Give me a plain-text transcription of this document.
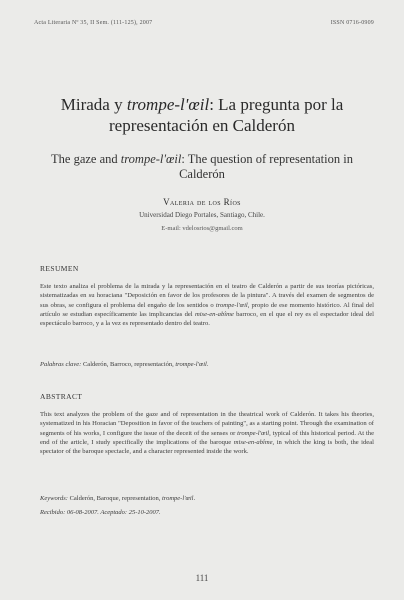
Acta Literaria Nº 35, II Sem. (111-125), 2007	ISSN 0716-0909
Mirada y trompe-l'œil: La pregunta por la representación en Calderón
The gaze and trompe-l'œil: The question of representation in Calderón
Valeria de los Ríos
Universidad Diego Portales, Santiago, Chile.
E-mail: vdelosrios@gmail.com
RESUMEN
Este texto analiza el problema de la mirada y la representación en el teatro de Calderón a partir de sus teorías pictóricas, sistematizadas en su horaciana "Deposición en favor de los profesores de la pintura". A través del examen de segmentos de sus obras, se configura el problema del engaño de los sentidos o trompe-l'œil, propio de ese momento histórico. Al final del artículo se estudian específicamente las implicancias del mise-en-abîme barroco, en el que el rey es el espectador ideal del espectáculo barroco, y a la vez es representado dentro del teatro.
Palabras clave: Calderón, Barroco, representación, trompe-l'œil.
ABSTRACT
This text analyzes the problem of the gaze and of representation in the theatrical work of Calderón. It takes his theories, systematized in his Horacian "Deposition in favor of the teachers of painting", as a starting point. Through the examination of segments of his works, I configure the issue of the deceit of the senses or trompe-l'œil, typical of this historical period. At the end of the article, I study specifically the implications of the baroque mise-en-abîme, in which the king is both, the ideal spectator of the baroque spectacle, and a character represented inside the work.
Keywords: Calderón, Baroque, representation, trompe-l'œil.
Recibido: 06-08-2007. Aceptado: 25-10-2007.
111
